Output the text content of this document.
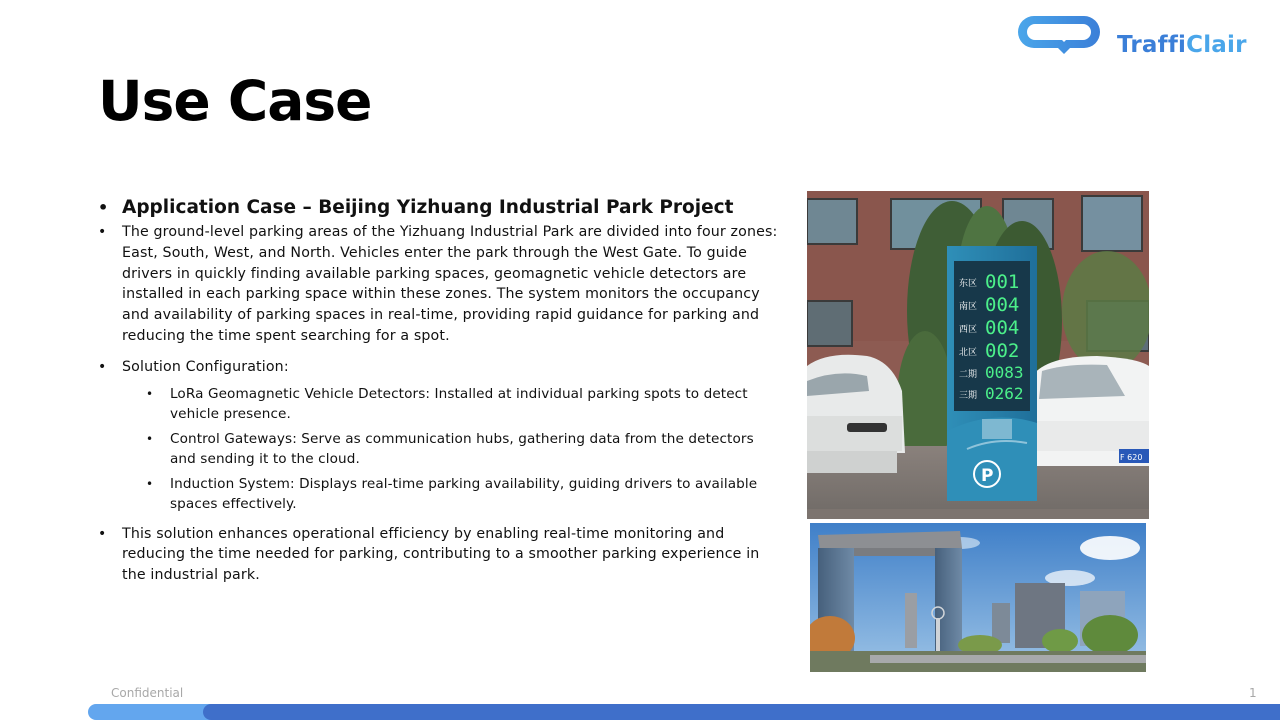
TraffiClair
Use Case
• Application Case – Beijing Yizhuang Industrial Park Project
• The ground-level parking areas of the Yizhuang Industrial Park are divided into four zones: East, South, West, and North. Vehicles enter the park through the West Gate. To guide drivers in quickly finding available parking spaces, geomagnetic vehicle detectors are installed in each parking space within these zones. The system monitors the occupancy and availability of parking spaces in real-time, providing rapid guidance for parking and reducing the time spent searching for a spot.
• Solution Configuration:
• LoRa Geomagnetic Vehicle Detectors: Installed at individual parking spots to detect vehicle presence.
• Control Gateways: Serve as communication hubs, gathering data from the detectors and sending it to the cloud.
• Induction System: Displays real-time parking availability, guiding drivers to available spaces effectively.
• This solution enhances operational efficiency by enabling real-time monitoring and reducing the time needed for parking, contributing to a smoother parking experience in the industrial park.
F 620
东区 001
南区 004
西区 004
北区 002
二期 0083
三期 0262
P
Confidential	1
